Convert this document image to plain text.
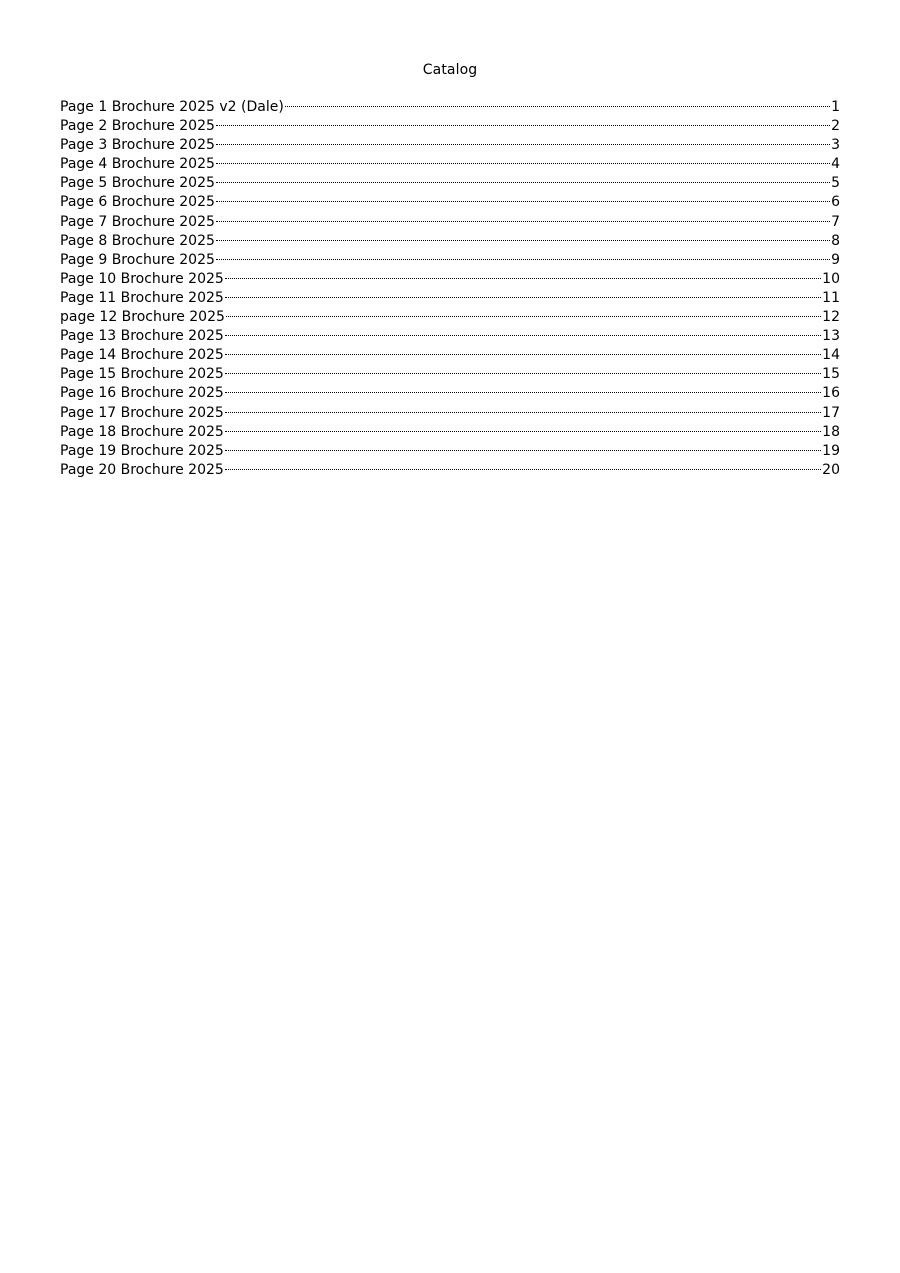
Catalog
Page 1 Brochure 2025 v2 (Dale)	1
Page 2 Brochure 2025	2
Page 3 Brochure 2025	3
Page 4 Brochure 2025	4
Page 5 Brochure 2025	5
Page 6 Brochure 2025	6
Page 7 Brochure 2025	7
Page 8 Brochure 2025	8
Page 9 Brochure 2025	9
Page 10 Brochure 2025	10
Page 11 Brochure 2025	11
page 12 Brochure 2025	12
Page 13 Brochure 2025	13
Page 14 Brochure 2025	14
Page 15 Brochure 2025	15
Page 16 Brochure 2025	16
Page 17 Brochure 2025	17
Page 18 Brochure 2025	18
Page 19 Brochure 2025	19
Page 20 Brochure 2025	20
